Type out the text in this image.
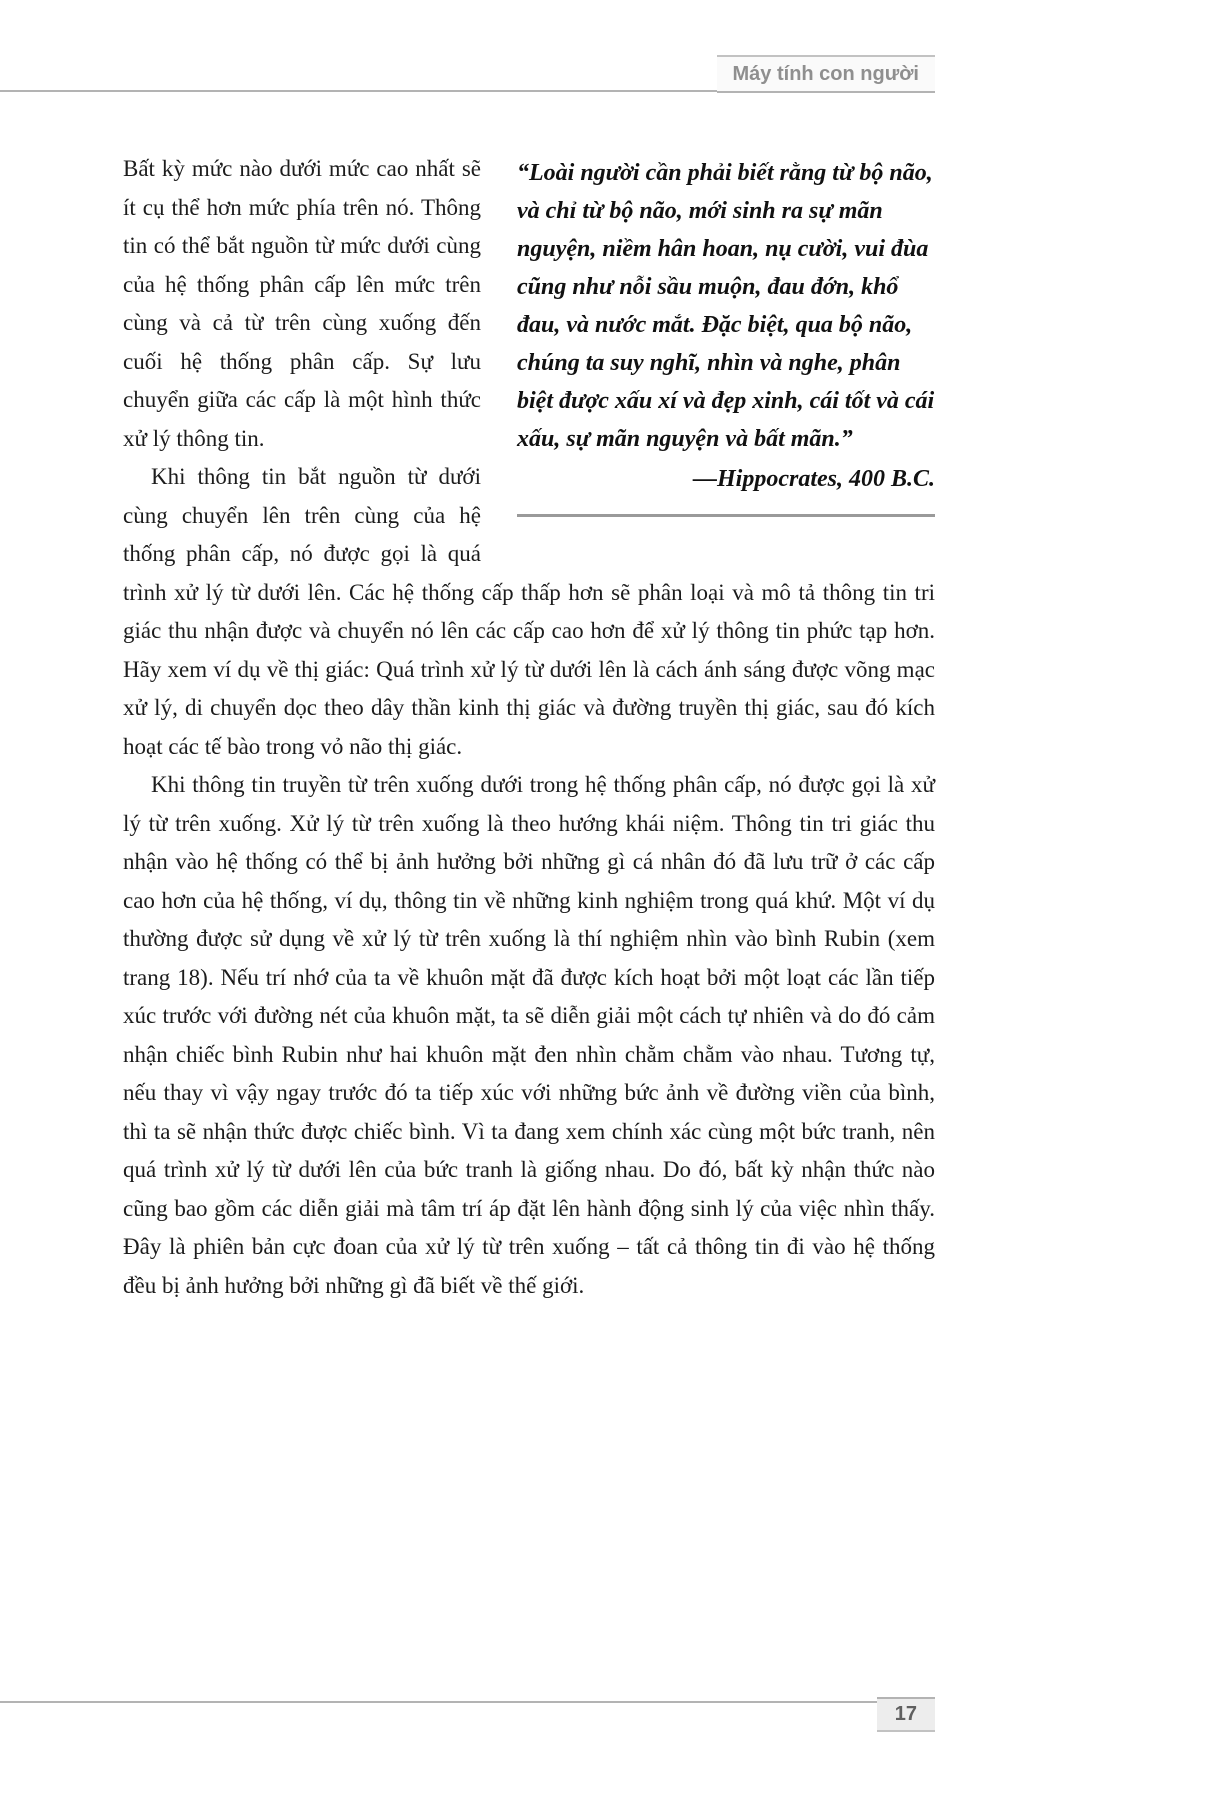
Máy tính con người
“Loài người cần phải biết rằng từ bộ não, và chỉ từ bộ não, mới sinh ra sự mãn nguyện, niềm hân hoan, nụ cười, vui đùa cũng như nỗi sầu muộn, đau đớn, khổ đau, và nước mắt. Đặc biệt, qua bộ não, chúng ta suy nghĩ, nhìn và nghe, phân biệt được xấu xí và đẹp xinh, cái tốt và cái xấu, sự mãn nguyện và bất mãn.”
—Hippocrates, 400 B.C.

Bất kỳ mức nào dưới mức cao nhất sẽ ít cụ thể hơn mức phía trên nó. Thông tin có thể bắt nguồn từ mức dưới cùng của hệ thống phân cấp lên mức trên cùng và cả từ trên cùng xuống đến cuối hệ thống phân cấp. Sự lưu chuyển giữa các cấp là một hình thức xử lý thông tin.

Khi thông tin bắt nguồn từ dưới cùng chuyển lên trên cùng của hệ thống phân cấp, nó được gọi là quá trình xử lý từ dưới lên. Các hệ thống cấp thấp hơn sẽ phân loại và mô tả thông tin tri giác thu nhận được và chuyển nó lên các cấp cao hơn để xử lý thông tin phức tạp hơn. Hãy xem ví dụ về thị giác: Quá trình xử lý từ dưới lên là cách ánh sáng được võng mạc xử lý, di chuyển dọc theo dây thần kinh thị giác và đường truyền thị giác, sau đó kích hoạt các tế bào trong vỏ não thị giác.

Khi thông tin truyền từ trên xuống dưới trong hệ thống phân cấp, nó được gọi là xử lý từ trên xuống. Xử lý từ trên xuống là theo hướng khái niệm. Thông tin tri giác thu nhận vào hệ thống có thể bị ảnh hưởng bởi những gì cá nhân đó đã lưu trữ ở các cấp cao hơn của hệ thống, ví dụ, thông tin về những kinh nghiệm trong quá khứ. Một ví dụ thường được sử dụng về xử lý từ trên xuống là thí nghiệm nhìn vào bình Rubin (xem trang 18). Nếu trí nhớ của ta về khuôn mặt đã được kích hoạt bởi một loạt các lần tiếp xúc trước với đường nét của khuôn mặt, ta sẽ diễn giải một cách tự nhiên và do đó cảm nhận chiếc bình Rubin như hai khuôn mặt đen nhìn chằm chằm vào nhau. Tương tự, nếu thay vì vậy ngay trước đó ta tiếp xúc với những bức ảnh về đường viền của bình, thì ta sẽ nhận thức được chiếc bình. Vì ta đang xem chính xác cùng một bức tranh, nên quá trình xử lý từ dưới lên của bức tranh là giống nhau. Do đó, bất kỳ nhận thức nào cũng bao gồm các diễn giải mà tâm trí áp đặt lên hành động sinh lý của việc nhìn thấy. Đây là phiên bản cực đoan của xử lý từ trên xuống – tất cả thông tin đi vào hệ thống đều bị ảnh hưởng bởi những gì đã biết về thế giới.

17
